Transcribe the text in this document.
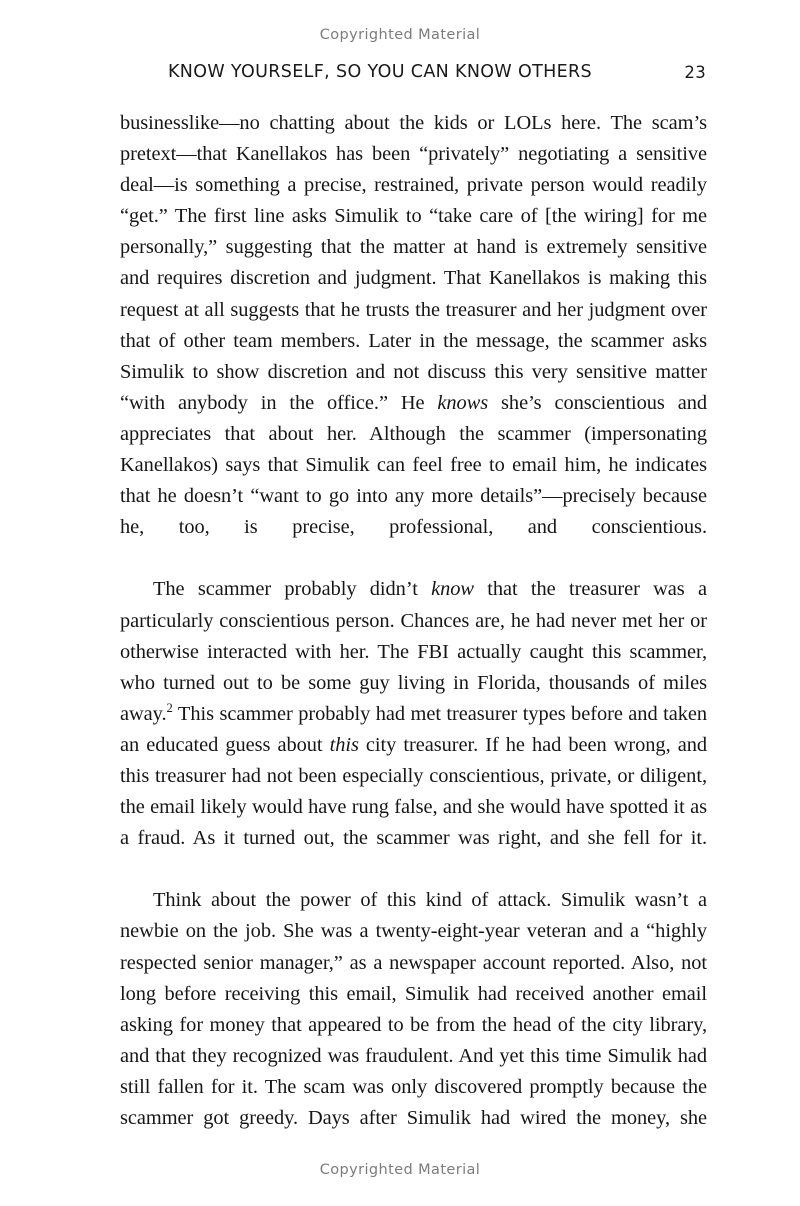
Copyrighted Material
KNOW YOURSELF, SO YOU CAN KNOW OTHERS	23

businesslike—no chatting about the kids or LOLs here. The scam’s pretext—that Kanellakos has been “privately” negotiating a sensitive deal—is something a precise, restrained, private person would readily “get.” The first line asks Simulik to “take care of [the wiring] for me personally,” suggesting that the matter at hand is extremely sensitive and requires discretion and judgment. That Kanellakos is making this request at all suggests that he trusts the treasurer and her judgment over that of other team members. Later in the message, the scammer asks Simulik to show discretion and not discuss this very sensitive matter “with anybody in the office.” He knows she’s conscientious and appreciates that about her. Although the scammer (impersonating Kanellakos) says that Simulik can feel free to email him, he indicates that he doesn’t “want to go into any more details”—precisely because he, too, is precise, professional, and conscientious.

The scammer probably didn’t know that the treasurer was a particularly conscientious person. Chances are, he had never met her or otherwise interacted with her. The FBI actually caught this scammer, who turned out to be some guy living in Florida, thousands of miles away.$^2$ This scammer probably had met treasurer types before and taken an educated guess about this city treasurer. If he had been wrong, and this treasurer had not been especially conscientious, private, or diligent, the email likely would have rung false, and she would have spotted it as a fraud. As it turned out, the scammer was right, and she fell for it.

Think about the power of this kind of attack. Simulik wasn’t a newbie on the job. She was a twenty-eight-year veteran and a “highly respected senior manager,” as a newspaper account reported. Also, not long before receiving this email, Simulik had received another email asking for money that appeared to be from the head of the city library, and that they recognized was fraudulent. And yet this time Simulik had still fallen for it. The scam was only discovered promptly because the scammer got greedy. Days after Simulik had wired the money, she

Copyrighted Material
